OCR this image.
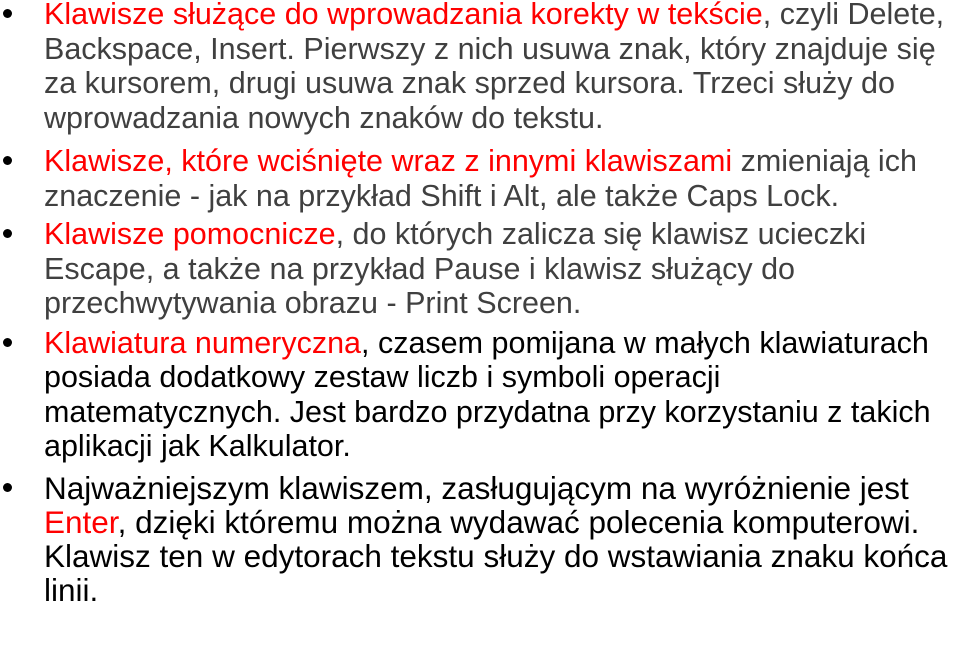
Klawisze służące do wprowadzania korekty w tekście, czyli Delete, Backspace, Insert. Pierwszy z nich usuwa znak, który znajduje się za kursorem, drugi usuwa znak sprzed kursora. Trzeci służy do wprowadzania nowych znaków do tekstu.
Klawisze, które wciśnięte wraz z innymi klawiszami zmieniają ich znaczenie - jak na przykład Shift i Alt, ale także Caps Lock.
Klawisze pomocnicze, do których zalicza się klawisz ucieczki Escape, a także na przykład Pause i klawisz służący do przechwytywania obrazu - Print Screen.
Klawiatura numeryczna, czasem pomijana w małych klawiaturach posiada dodatkowy zestaw liczb i symboli operacji matematycznych. Jest bardzo przydatna przy korzystaniu z takich aplikacji jak Kalkulator.
Najważniejszym klawiszem, zasługującym na wyróżnienie jest Enter, dzięki któremu można wydawać polecenia komputerowi. Klawisz ten w edytorach tekstu służy do wstawiania znaku końca linii.
